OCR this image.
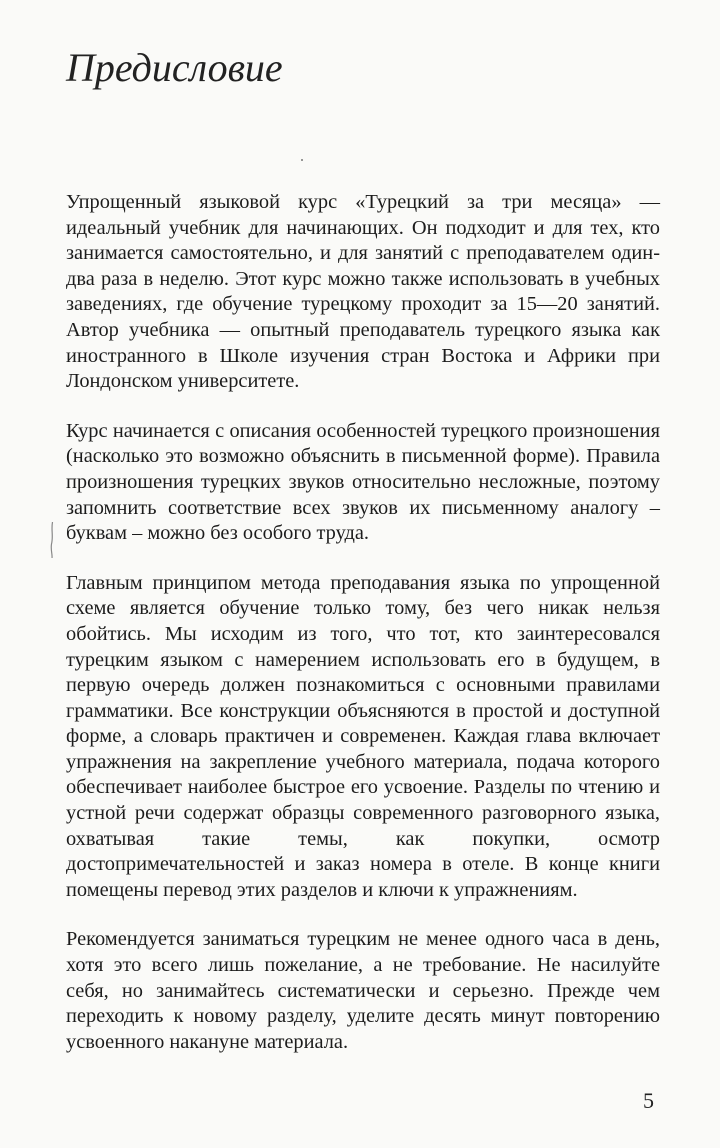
Предисловие

Упрощенный языковой курс «Турецкий за три месяца» — идеальный учебник для начинающих. Он подходит и для тех, кто занимается самостоятельно, и для занятий с преподавателем один-два раза в неделю. Этот курс можно также использовать в учебных заведениях, где обучение турецкому проходит за 15—20 занятий. Автор учебника — опытный преподаватель турецкого языка как иностранного в Школе изучения стран Востока и Африки при Лондонском университете.

Курс начинается с описания особенностей турецкого произношения (насколько это возможно объяснить в письменной форме). Правила произношения турецких звуков относительно несложные, поэтому запомнить соответствие всех звуков их письменному аналогу – буквам – можно без особого труда.

Главным принципом метода преподавания языка по упрощенной схеме является обучение только тому, без чего никак нельзя обойтись. Мы исходим из того, что тот, кто заинтересовался турецким языком с намерением использовать его в будущем, в первую очередь должен познакомиться с основными правилами грамматики. Все конструкции объясняются в простой и доступной форме, а словарь практичен и современен. Каждая глава включает упражнения на закрепление учебного материала, подача которого обеспечивает наиболее быстрое его усвоение. Разделы по чтению и устной речи содержат образцы современного разговорного языка, охватывая такие темы, как покупки, осмотр достопримечательностей и заказ номера в отеле. В конце книги помещены перевод этих разделов и ключи к упражнениям.

Рекомендуется заниматься турецким не менее одного часа в день, хотя это всего лишь пожелание, а не требование. Не насилуйте себя, но занимайтесь систематически и серьезно. Прежде чем переходить к новому разделу, уделите десять минут повторению усвоенного накануне материала.

5
